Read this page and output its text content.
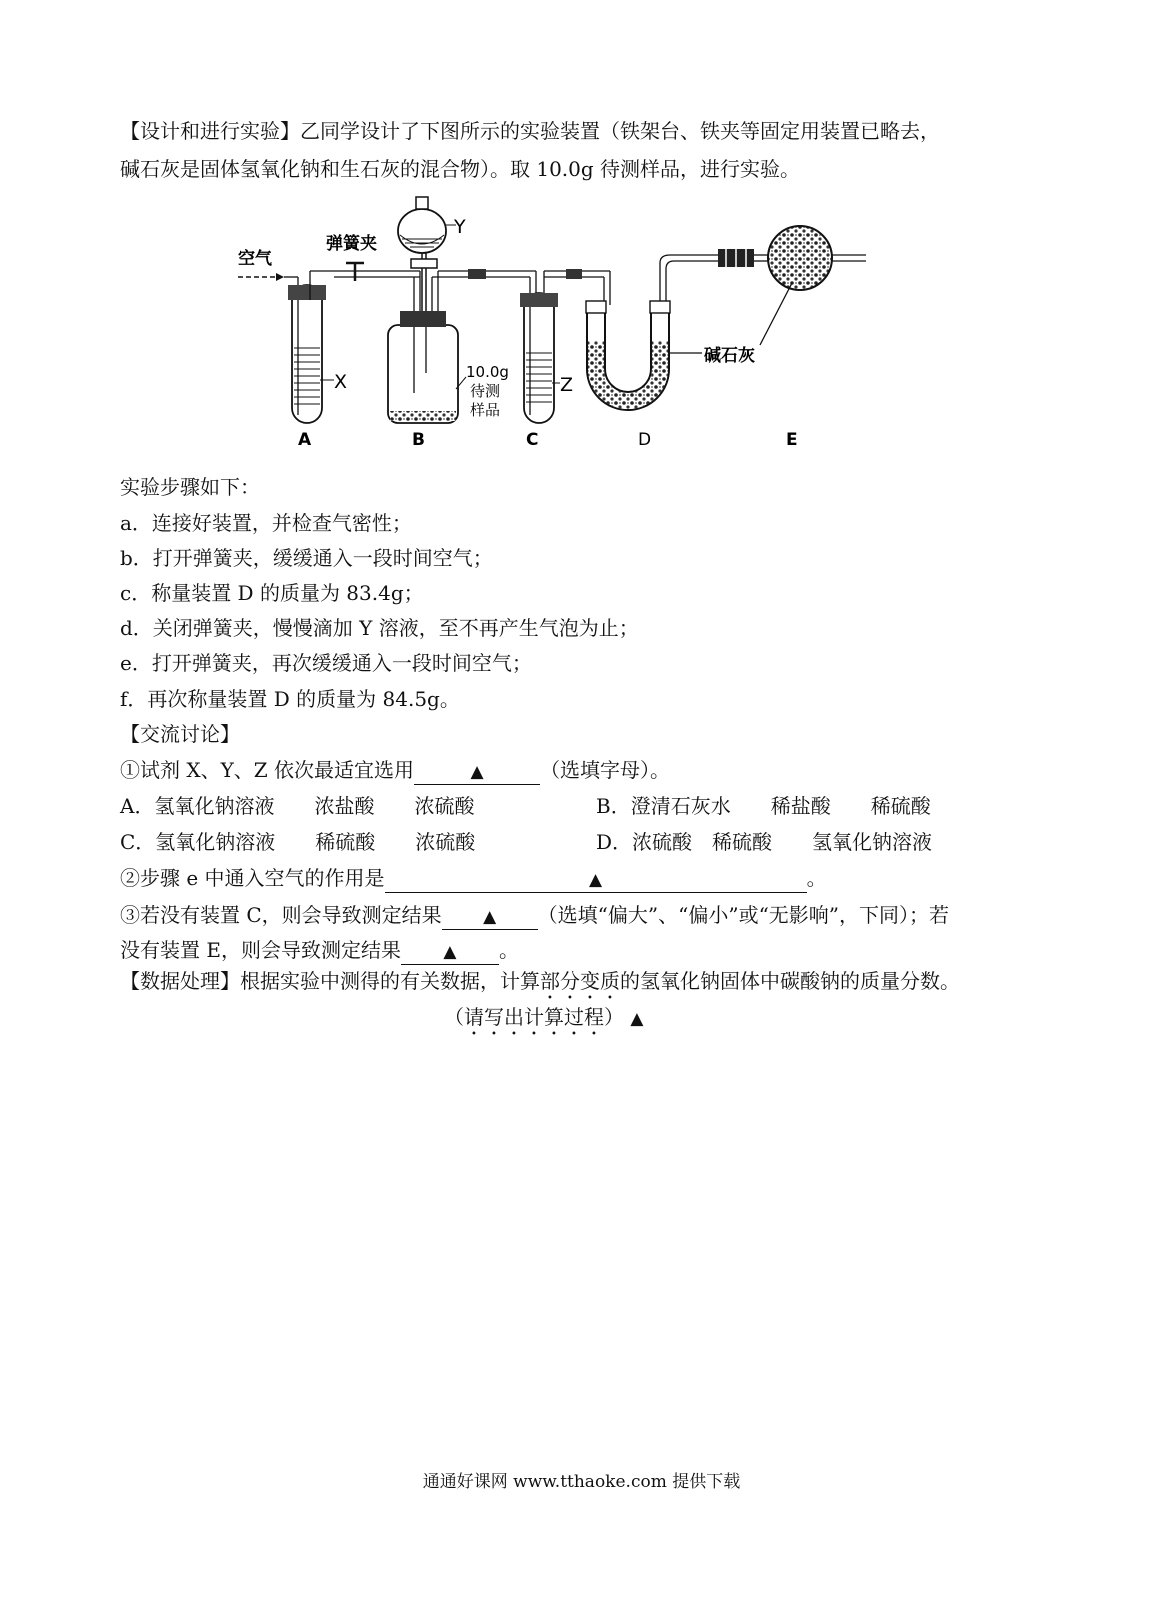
【设计和进行实验】乙同学设计了下图所示的实验装置（铁架台、铁夹等固定用装置已略去，
碱石灰是固体氢氧化钠和生石灰的混合物）。取 10.0g 待测样品，进行实验。
空气
X
A
弹簧夹
Y
10.0g
待测
样品
B
Z
C
碱石灰
D	E
实验步骤如下：
a．连接好装置，并检查气密性；
b．打开弹簧夹，缓缓通入一段时间空气；
c．称量装置 D 的质量为 83.4g；
d．关闭弹簧夹，慢慢滴加 Y 溶液，至不再产生气泡为止；
e．打开弹簧夹，再次缓缓通入一段时间空气；
f．再次称量装置 D 的质量为 84.5g。
【交流讨论】
①试剂 X、Y、Z 依次最适宜选用	▲	（选填字母）。
A．氢氧化钠溶液　　浓盐酸　　浓硫酸	B．澄清石灰水　　稀盐酸　　稀硫酸
C．氢氧化钠溶液　　稀硫酸　　浓硫酸	D．浓硫酸　稀硫酸　　氢氧化钠溶液
②步骤 e 中通入空气的作用是	▲	。
③若没有装置 C，则会导致测定结果 ▲ （选填“偏大”、“偏小”或“无影响”，下同）；若
没有装置 E，则会导致测定结果 ▲ 。
【数据处理】根据实验中测得的有关数据，计算部分变质的氢氧化钠固体中碳酸钠的质量分数。
（请写出计算过程） ▲
通通好课网 www.tthaoke.com 提供下载
